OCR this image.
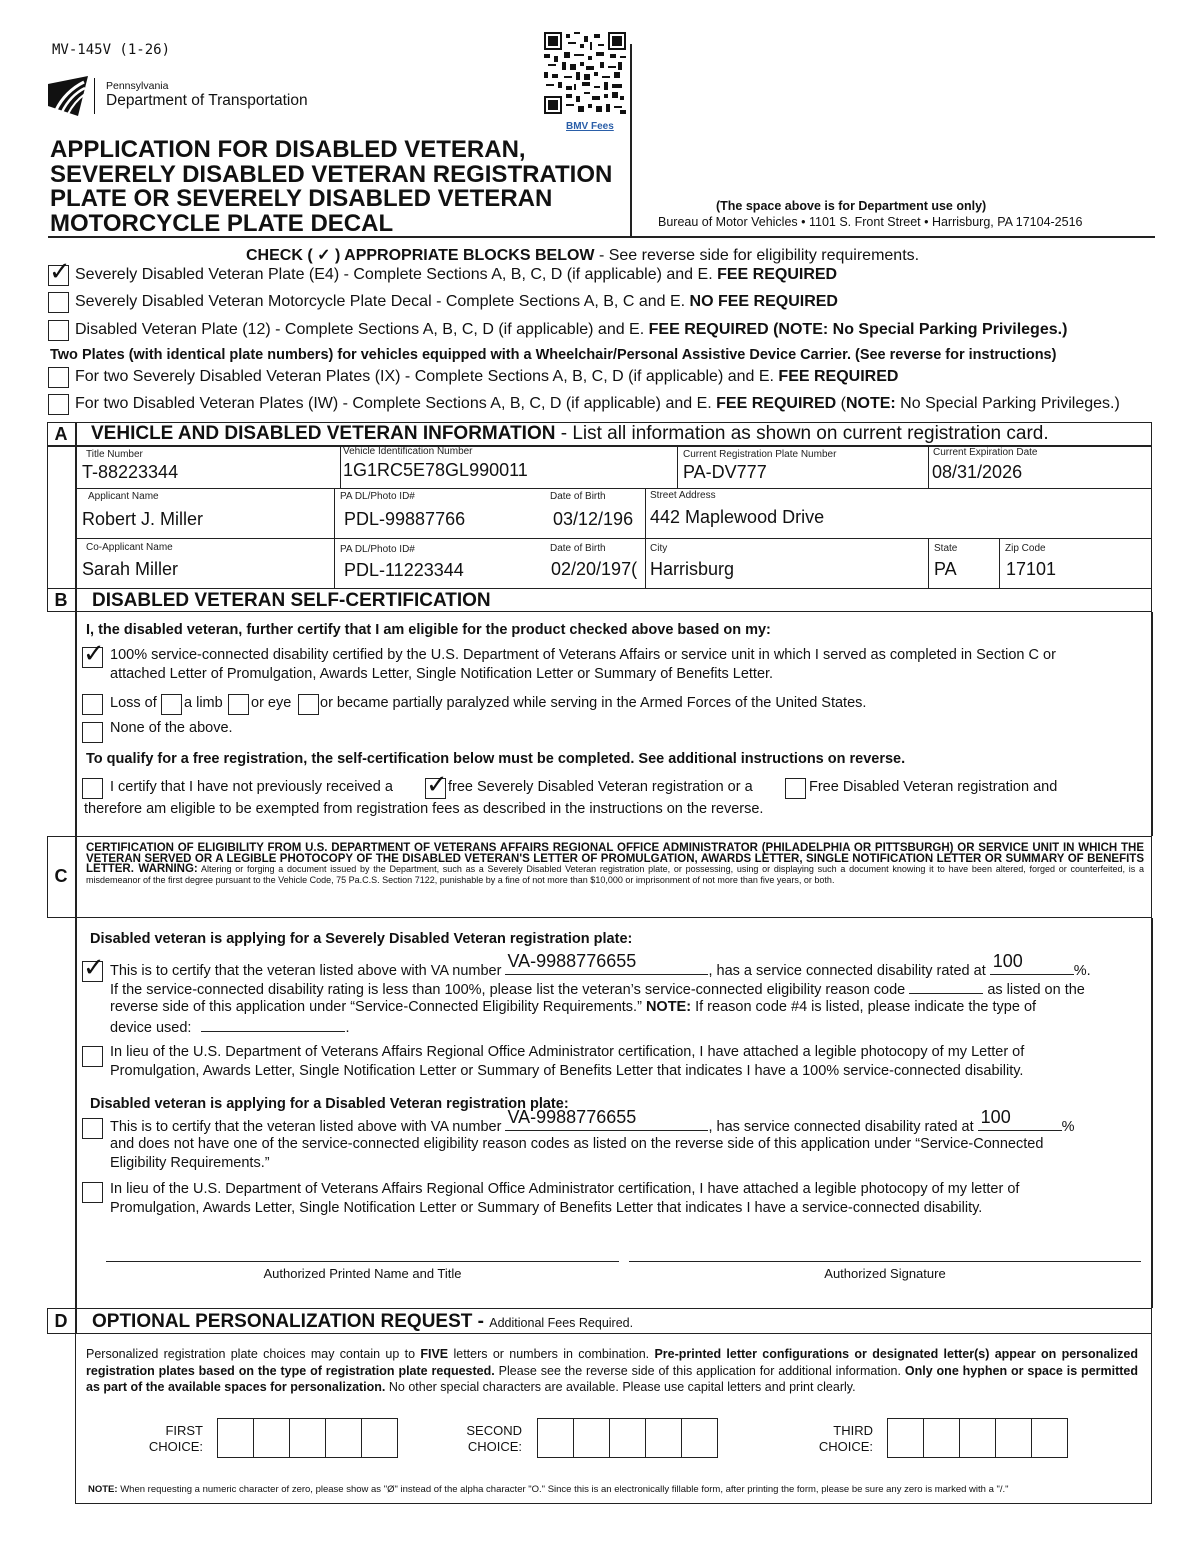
MV-145V (1-26)
Pennsylvania
Department of Transportation
BMV Fees
APPLICATION FOR DISABLED VETERAN,
SEVERELY DISABLED VETERAN REGISTRATION
PLATE OR SEVERELY DISABLED VETERAN
MOTORCYCLE PLATE DECAL
(The space above is for Department use only)
Bureau of Motor Vehicles • 1101 S. Front Street • Harrisburg, PA 17104-2516
CHECK ( ✓ ) APPROPRIATE BLOCKS BELOW - See reverse side for eligibility requirements.
✓ Severely Disabled Veteran Plate (E4) - Complete Sections A, B, C, D (if applicable) and E. FEE REQUIRED
Severely Disabled Veteran Motorcycle Plate Decal - Complete Sections A, B, C and E. NO FEE REQUIRED
Disabled Veteran Plate (12) - Complete Sections A, B, C, D (if applicable) and E. FEE REQUIRED (NOTE: No Special Parking Privileges.)
Two Plates (with identical plate numbers) for vehicles equipped with a Wheelchair/Personal Assistive Device Carrier. (See reverse for instructions)
For two Severely Disabled Veteran Plates (IX) - Complete Sections A, B, C, D (if applicable) and E. FEE REQUIRED
For two Disabled Veteran Plates (IW) - Complete Sections A, B, C, D (if applicable) and E. FEE REQUIRED (NOTE: No Special Parking Privileges.)
A	VEHICLE AND DISABLED VETERAN INFORMATION - List all information as shown on current registration card.
Title Number
T-88223344
Vehicle Identification Number
1G1RC5E78GL990011
Current Registration Plate Number
PA-DV777
Current Expiration Date
08/31/2026
Applicant Name
Robert J. Miller
PA DL/Photo ID#
PDL-99887766
Date of Birth
03/12/196
Street Address
442 Maplewood Drive
Co-Applicant Name
Sarah Miller
PA DL/Photo ID#
PDL-11223344
Date of Birth
02/20/197(
City
Harrisburg
State
PA
Zip Code
17101
B	DISABLED VETERAN SELF-CERTIFICATION
I, the disabled veteran, further certify that I am eligible for the product checked above based on my:
✓ 100% service-connected disability certified by the U.S. Department of Veterans Affairs or service unit in which I served as completed in Section C or
attached Letter of Promulgation, Awards Letter, Single Notification Letter or Summary of Benefits Letter.
Loss of a limb or eye or became partially paralyzed while serving in the Armed Forces of the United States.
None of the above.
To qualify for a free registration, the self-certification below must be completed. See additional instructions on reverse.
I certify that I have not previously received a ✓ free Severely Disabled Veteran registration or a	Free Disabled Veteran registration and
therefore am eligible to be exempted from registration fees as described in the instructions on the reverse.
C
CERTIFICATION OF ELIGIBILITY FROM U.S. DEPARTMENT OF VETERANS AFFAIRS REGIONAL OFFICE ADMINISTRATOR (PHILADELPHIA OR PITTSBURGH) OR SERVICE UNIT IN WHICH THE VETERAN SERVED OR A LEGIBLE PHOTOCOPY OF THE DISABLED VETERAN'S LETTER OF PROMULGATION, AWARDS LETTER, SINGLE NOTIFICATION LETTER OR SUMMARY OF BENEFITS LETTER. WARNING: Altering or forging a document issued by the Department, such as a Severely Disabled Veteran registration plate, or possessing, using or displaying such a document knowing it to have been altered, forged or counterfeited, is a misdemeanor of the first degree pursuant to the Vehicle Code, 75 Pa.C.S. Section 7122, punishable by a fine of not more than $10,000 or imprisonment of not more than five years, or both.
Disabled veteran is applying for a Severely Disabled Veteran registration plate:
✓ This is to certify that the veteran listed above with VA number VA-9988776655	, has a service connected disability rated at 100	%.
If the service-connected disability rating is less than 100%, please list the veteran’s service-connected eligibility reason code	as listed on the
reverse side of this application under “Service-Connected Eligibility Requirements.” NOTE: If reason code #4 is listed, please indicate the type of
device used:	.
In lieu of the U.S. Department of Veterans Affairs Regional Office Administrator certification, I have attached a legible photocopy of my Letter of
Promulgation, Awards Letter, Single Notification Letter or Summary of Benefits Letter that indicates I have a 100% service-connected disability.
Disabled veteran is applying for a Disabled Veteran registration plate:
This is to certify that the veteran listed above with VA number VA-9988776655	, has service connected disability rated at 100	%
and does not have one of the service-connected eligibility reason codes as listed on the reverse side of this application under “Service-Connected
Eligibility Requirements.”
In lieu of the U.S. Department of Veterans Affairs Regional Office Administrator certification, I have attached a legible photocopy of my letter of
Promulgation, Awards Letter, Single Notification Letter or Summary of Benefits Letter that indicates I have a service-connected disability.
Authorized Printed Name and Title	Authorized Signature
D	OPTIONAL PERSONALIZATION REQUEST - Additional Fees Required.
Personalized registration plate choices may contain up to FIVE letters or numbers in combination. Pre-printed letter configurations or designated letter(s) appear on personalized registration plates based on the type of registration plate requested. Please see the reverse side of this application for additional information. Only one hyphen or space is permitted as part of the available spaces for personalization. No other special characters are available. Please use capital letters and print clearly.
FIRST
CHOICE:
SECOND
CHOICE:
THIRD
CHOICE:
NOTE: When requesting a numeric character of zero, please show as "Ø" instead of the alpha character "O." Since this is an electronically fillable form, after printing the form, please be sure any zero is marked with a "/."
